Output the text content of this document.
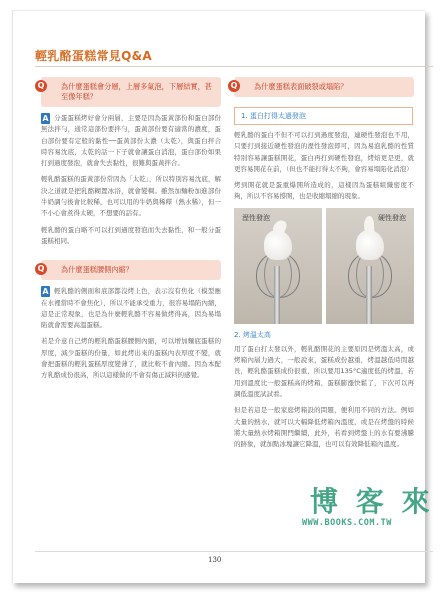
輕乳酪蛋糕常見Q&A
Q	為什麼蛋糕會分層，上層多氣泡，下層結實，甚至像年糕？

A 分蛋蛋糕烤好會分兩層，主要是因為蛋黃部份和蛋白部份無法拌勻，通常這部份要拌勻，蛋黃部份要有適當的濃度，蛋白部份要有定般的黏性──蛋黃部份太濃（太乾），與蛋白拌合時容易沈底，太乾的話一下子就會讓蛋白消泡，蛋白部份如果打到過度發泡，就會失去黏性，很難與蛋黃拌合。

輕乳酪蛋糕的蛋黃部份常因為「太乾」，所以特別容易沈底，解決之道就是把乳酪糊置冰浴，就會變稠。雖然加麵粉加進部份牛奶調勻後會比較稀，也可以用的牛奶與稀釋（熱水稀），但一不小心會煮得太硬，不想要的話有。

輕乳酪的蛋白略不可以打到過度發泡而失去黏性，和一般分蛋蛋糕相同。

Q	為什麼蛋糕腰側內縮？

A 輕乳酪的側面和底部都沒烤上色，表示沒有焦化（模型應在水裡當時不會焦化），所以不能承受重力，很容易塌陷內縮，這是正常現象，也是為什麼輕乳酪不容易做烤得高，因為易塌陷就會需要高溫蛋糕。

若是介意自己烤的輕乳酪蛋糕腰側內縮，可以增加麵底蛋糕的厚度，減少蛋糕的份量，如此烤出來的蛋糕內表厚度不變，就會把蛋糕的輕乳蛋糕厚度變薄了，就比較不會內縮。因為本配方乳酪成份很高，所以這樣做的不會有傷正減料的感覺。

Q	為什麼蛋糕表面破裂或塌陷？
1. 蛋白打得太過發泡

輕乳酪的蛋白不但不可以打到過度發泡，連硬性發泡也不用，只要打到接近硬性發泡的溼性發泡即可，因為易泡乳酪的性質特別容易讓蛋糕開花，蛋白再打到硬性發泡，烤焙更是更，就更容易開花在前，（但也不能打得太不夠，會容易塌陷化消泡）

烤到開花就是蛋重爆開所造成的，這樣因為蛋糕組織密度不夠，所以不容易撐開，也是收縮塌縮的現象。

溼性發泡	硬性發泡
2. 烤溫太高

用了蛋白打太發以外，輕乳酪開花的主要原因是烤溫太高，或烤箱內層力過大，一般說來，蛋糕成份越重，烤溫越低時間越長，輕乳酪蛋糕成份很重，所以要用135°C適度低的烤溫，若用到溫度比一般蛋糕高的烤箱，蛋糕膨漲快鬆了，下次可以再調低溫度試試看。

但是若這是一般家庭烤箱設的問題，便利用不同的方法。例如大量的熱水，就可以大幅降低烤箱內溫度，或是在烤盤的時候將大量熱水烤箱開門繼續，此外，若看到烤盤上的水有要沸騰的跡象，就加點冰塊讓它降溫，也可以有效降低箱內溫度。

130
博 客 來
WWW.BOOKS.COM.TW
